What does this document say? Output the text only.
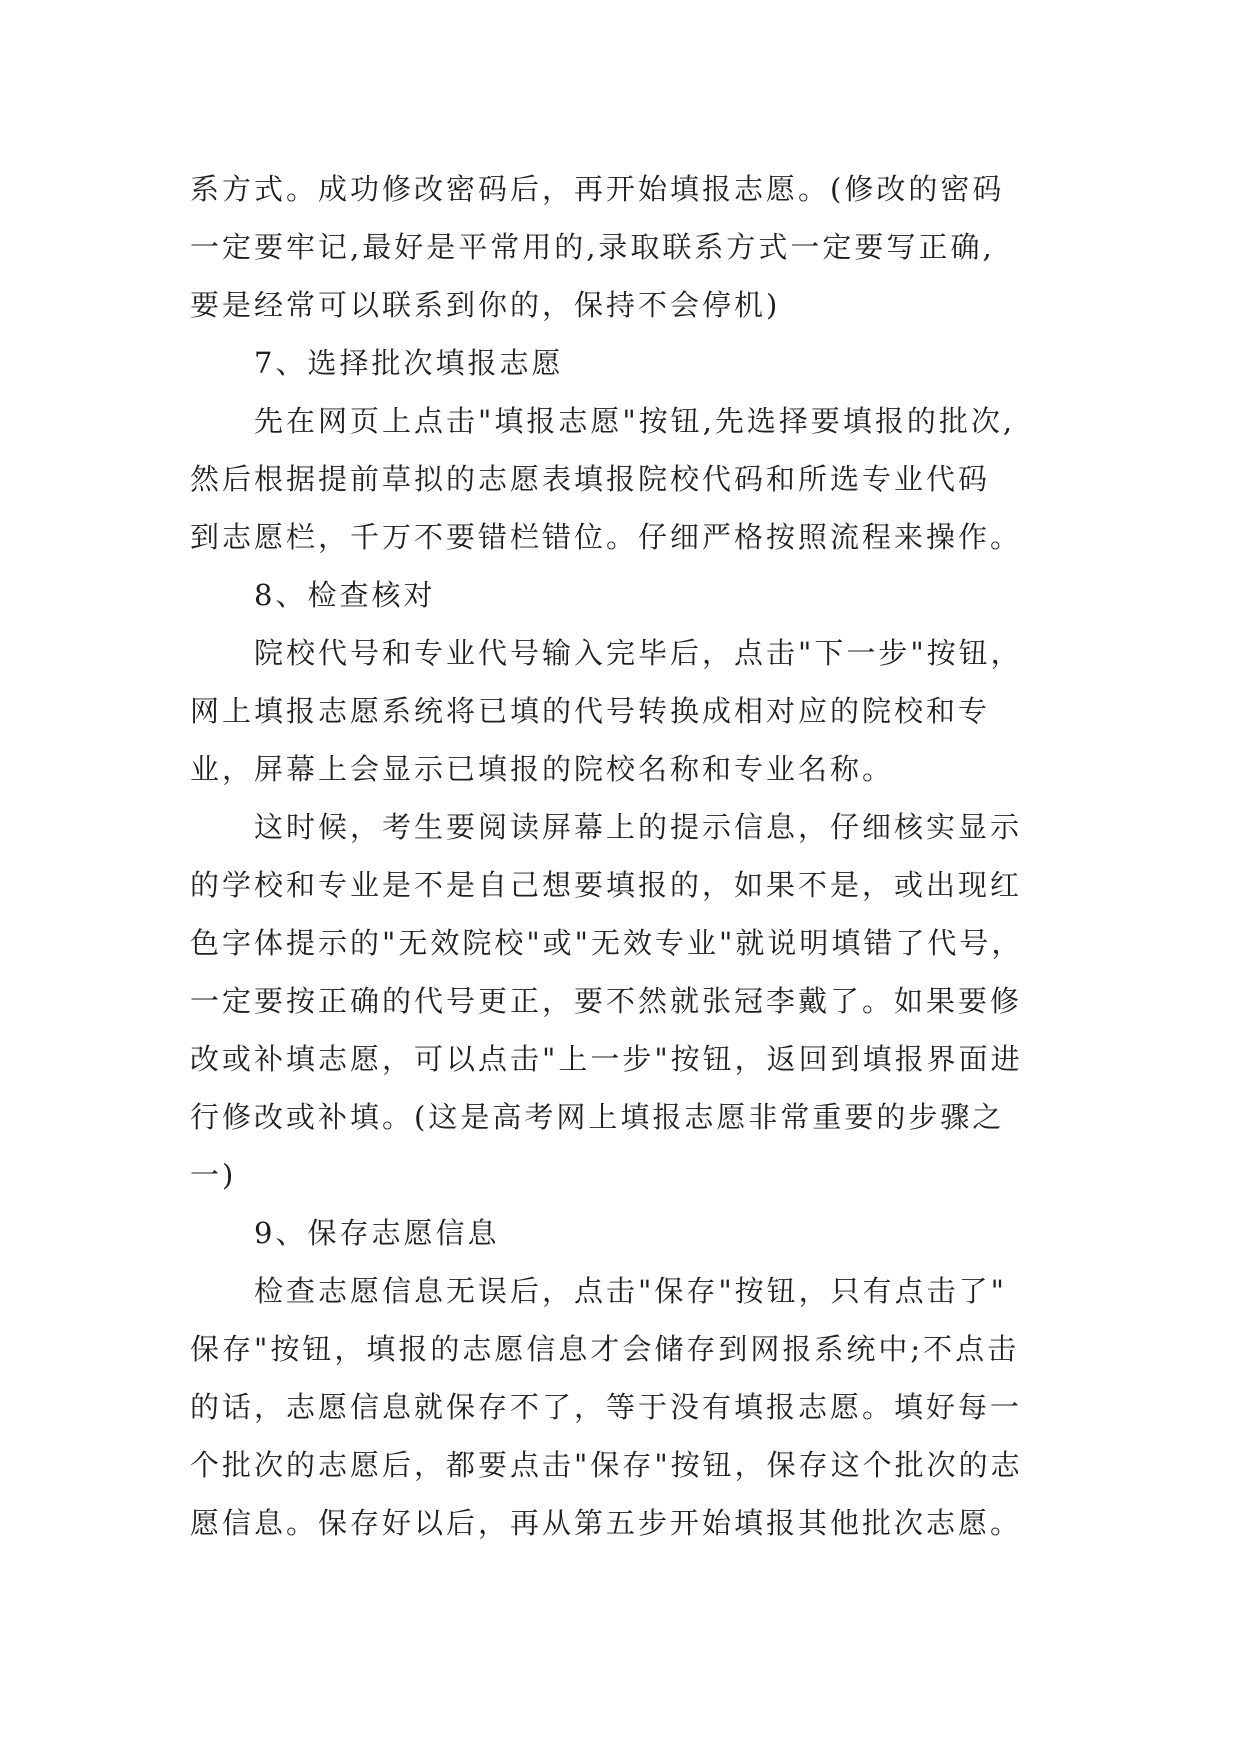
系方式。成功修改密码后，再开始填报志愿。(修改的密码
一定要牢记,最好是平常用的,录取联系方式一定要写正确,
要是经常可以联系到你的，保持不会停机)
7、选择批次填报志愿
先在网页上点击"填报志愿"按钮,先选择要填报的批次,
然后根据提前草拟的志愿表填报院校代码和所选专业代码
到志愿栏，千万不要错栏错位。仔细严格按照流程来操作。
8、检查核对
院校代号和专业代号输入完毕后，点击"下一步"按钮，
网上填报志愿系统将已填的代号转换成相对应的院校和专
业，屏幕上会显示已填报的院校名称和专业名称。
这时候，考生要阅读屏幕上的提示信息，仔细核实显示
的学校和专业是不是自己想要填报的，如果不是，或出现红
色字体提示的"无效院校"或"无效专业"就说明填错了代号，
一定要按正确的代号更正，要不然就张冠李戴了。如果要修
改或补填志愿，可以点击"上一步"按钮，返回到填报界面进
行修改或补填。(这是高考网上填报志愿非常重要的步骤之
一)
9、保存志愿信息
检查志愿信息无误后，点击"保存"按钮，只有点击了"
保存"按钮，填报的志愿信息才会储存到网报系统中;不点击
的话，志愿信息就保存不了，等于没有填报志愿。填好每一
个批次的志愿后，都要点击"保存"按钮，保存这个批次的志
愿信息。保存好以后，再从第五步开始填报其他批次志愿。
